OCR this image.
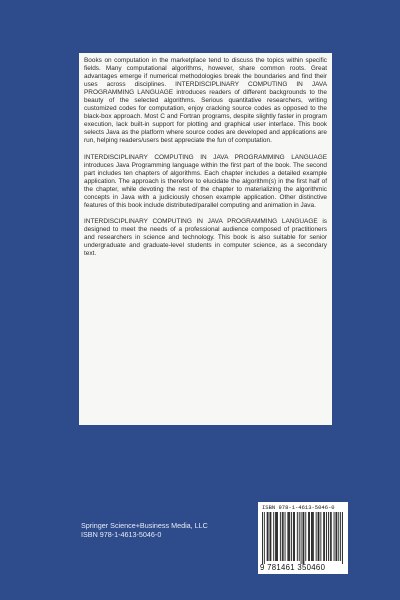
Books on computation in the marketplace tend to discuss the topics within specific fields. Many computational algorithms, however, share common roots. Great advantages emerge if numerical methodologies break the boundaries and find their uses across disciplines. INTERDISCIPLINARY COMPUTING IN JAVA PROGRAMMING LANGUAGE introduces readers of different backgrounds to the beauty of the selected algorithms. Serious quantitative researchers, writing customized codes for computation, enjoy cracking source codes as opposed to the black-box approach. Most C and Fortran programs, despite slightly faster in program execution, lack built-in support for plotting and graphical user interface. This book selects Java as the platform where source codes are developed and applications are run, helping readers/users best appreciate the fun of computation.

INTERDISCIPLINARY COMPUTING IN JAVA PROGRAMMING LANGUAGE introduces Java Programming language within the first part of the book. The second part includes ten chapters of algorithms. Each chapter includes a detailed example application. The approach is therefore to elucidate the algorithm(s) in the first half of the chapter, while devoting the rest of the chapter to materializing the algorithmic concepts in Java with a judiciously chosen example application. Other distinctive features of this book include distributed/parallel computing and animation in Java.

INTERDISCIPLINARY COMPUTING IN JAVA PROGRAMMING LANGUAGE is designed to meet the needs of a professional audience composed of practitioners and researchers in science and technology. This book is also suitable for senior undergraduate and graduate-level students in computer science, as a secondary text.

Springer Science+Business Media, LLC
ISBN 978-1-4613-5046-0
ISBN 978-1-4613-5046-0
9 781461 350460
